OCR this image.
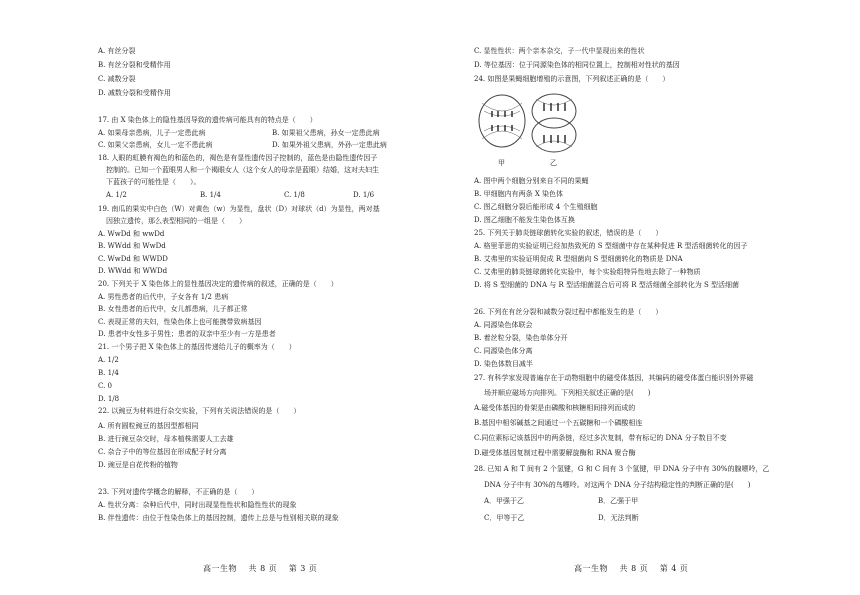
A. 有丝分裂
B. 有丝分裂和受精作用
C. 减数分裂
D. 减数分裂和受精作用
17. 由 X 染色体上的隐性基因导致的遗传病可能具有的特点是（　　）
A. 如果母亲患病，儿子一定患此病	B. 如果祖父患病，孙女一定患此病
C. 如果父亲患病，女儿一定不患此病	D. 如果外祖父患病，外孙一定患此病
18. 人眼的虹膜有褐色的和蓝色的，褐色是有显性遗传因子控制的，蓝色是由隐性遗传因子
控制的。已知一个蓝眼男人和一个褐眼女人（这个女人的母亲是蓝眼）结婚，这对夫妇生
下蓝孩子的可能性是（　　）。
A. 1/2	B. 1/4	C. 1/8	D. 1/6
19. 南瓜的果实中白色（W）对黄色（w）为显性，盘状（D）对球状（d）为显性，两对基
因独立遗传，那么表型相同的一组是（　　）
A. WwDd 和 wwDd
B. WWdd 和 WwDd
C. WwDd 和 WWDD
D. WWdd 和 WWDd
20. 下列关于 X 染色体上的显性基因决定的遗传病的叙述，正确的是（　　）
A. 男性患者的后代中，子女各有 1/2 患病
B. 女性患者的后代中，女儿都患病，儿子都正常
C. 表现正常的夫妇，性染色体上也可能携带致病基因
D. 患者中女性多于男性；患者的双亲中至少有一方是患者
21. 一个男子把 X 染色体上的基因传递给儿子的概率为（　　）
A. 1/2
B. 1/4
C. 0
D. 1/8
22. 以豌豆为材料进行杂交实验，下列有关说法错误的是（　　）
A. 所有圆粒豌豆的基因型都相同
B. 进行豌豆杂交时，母本植株需要人工去雄
C. 杂合子中的等位基因在形成配子时分离
D. 豌豆是自花传粉的植物
23. 下列对遗传学概念的解释，不正确的是（　　）
A. 性状分离：杂种后代中，同时出现显性性状和隐性性状的现象
B. 伴性遗传：由位于性染色体上的基因控制，遗传上总是与性别相关联的现象
高一生物　 共 8 页　 第 3 页
C. 显性性状：两个亲本杂交，子一代中显现出来的性状
D. 等位基因：位于同源染色体的相同位置上，控制相对性状的基因
24. 如图是果蝇细胞增殖的示意图，下列叙述正确的是（　　）
甲	乙
A. 图中两个细胞分别来自不同的果蝇
B. 甲细胞内有两条 X 染色体
C. 图乙细胞分裂后能形成 4 个生殖细胞
D. 图乙细胞不能发生染色体互换
25. 下列关于肺炎链球菌转化实验的叙述，错误的是（　　）
A. 格里菲思的实验证明已经加热致死的 S 型细菌中存在某种促进 R 型活细菌转化的因子
B. 艾弗里的实验证明促成 R 型细菌向 S 型细菌转化的物质是 DNA
C. 艾弗里的肺炎链球菌转化实验中，每个实验组特异性地去除了一种物质
D. 将 S 型细菌的 DNA 与 R 型活细菌混合后可将 R 型活细菌全部转化为 S 型活细菌
26. 下列在有丝分裂和减数分裂过程中都能发生的是（　　）
A. 同源染色体联会
B. 着丝粒分裂，染色单体分开
C. 同源染色体分离
D. 染色体数目减半
27. 有科学家发现普遍存在于动物细胞中的磁受体基因，其编码的磁受体蛋白能识别外界磁
场并顺应磁场方向排列。下列相关叙述正确的是(　　)
A.磁受体基因的骨架是由磷酸和核糖相间排列而成的
B.基因中相邻碱基之间通过一个五碳糖和一个磷酸相连
C.同位素标记该基因中的两条链，经过多次复制，带有标记的 DNA 分子数目不变
D.磁受体基因复制过程中需要解旋酶和 RNA 聚合酶
28. 已知 A 和 T 间有 2 个氢键，G 和 C 间有 3 个氢键，甲 DNA 分子中有 30%的腺嘌呤，乙
DNA 分子中有 30%的鸟嘌呤。对这两个 DNA 分子结构稳定性的判断正确的是(　　)
A．甲强于乙	B．乙强于甲
C．甲等于乙	D．无法判断
高一生物　 共 8 页　 第 4 页
